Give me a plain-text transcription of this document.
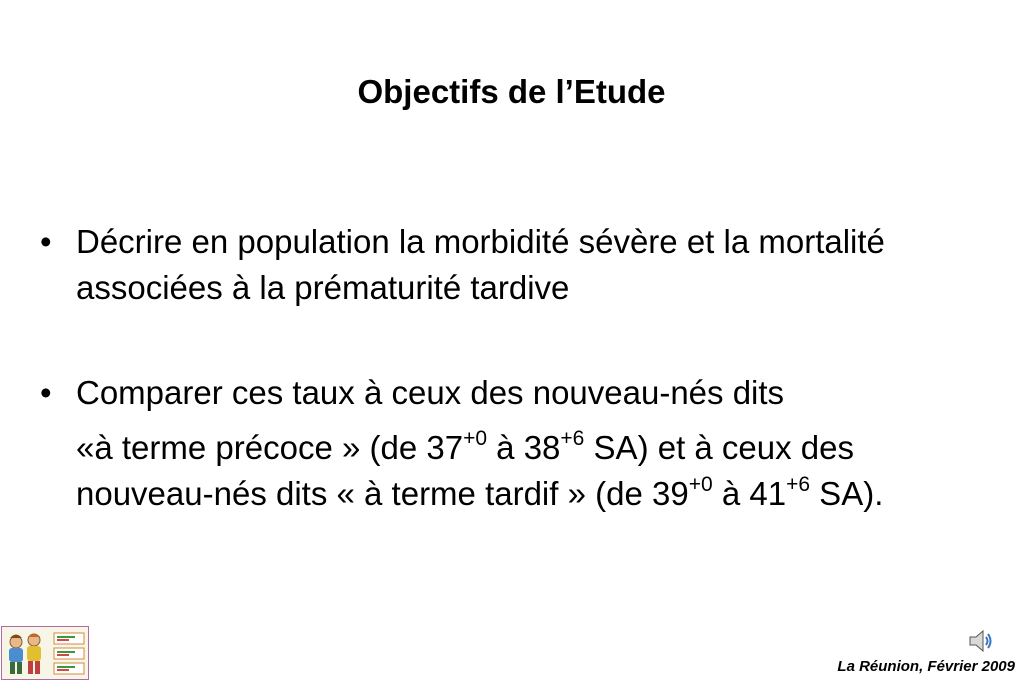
Objectifs de l’Etude
• Décrire en population la morbidité sévère et la mortalité associées à la prématurité tardive
• Comparer ces taux à ceux des nouveau-nés dits
«à terme précoce » (de $37^{+0}$ à $38^{+6}$ SA) et à ceux des nouveau-nés dits « à terme tardif » (de $39^{+0}$ à $41^{+6}$ SA).
La Réunion, Février 2009
